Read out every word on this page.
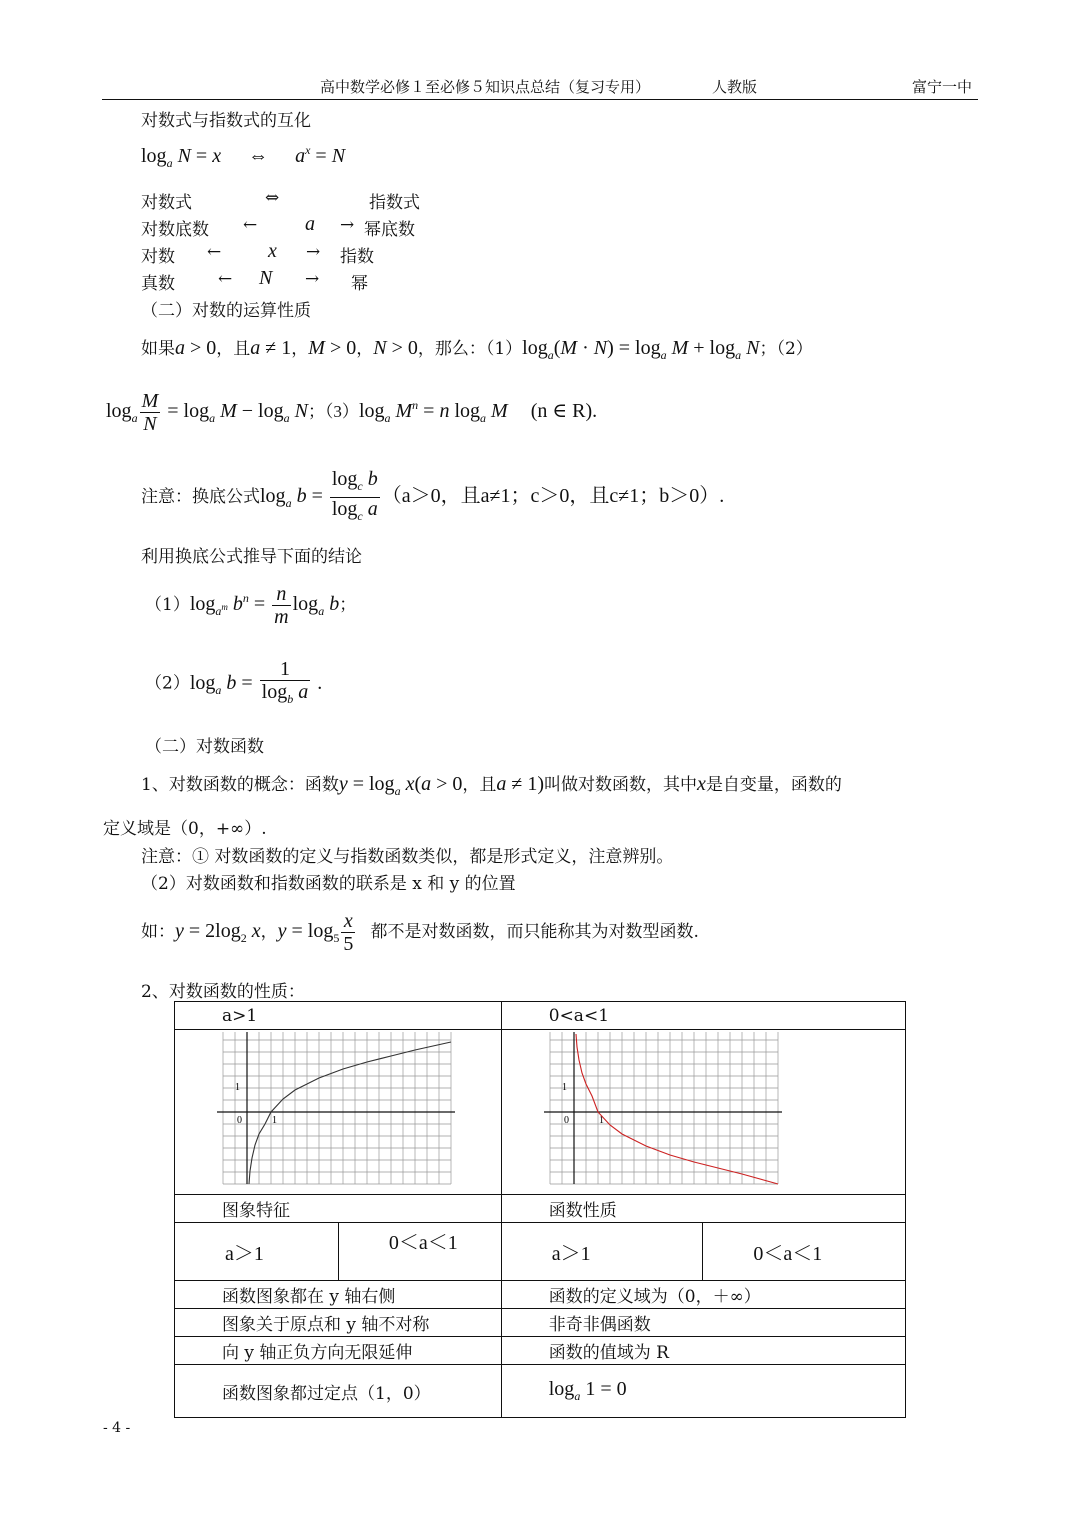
高中数学必修１至必修５知识点总结（复习专用）	人教版	富宁一中
对数式与指数式的互化
$\log_a N = x$ ⇔ $a^x = N$
对数式	⇔	指数式
对数底数 ← a → 幂底数
对数 ← x → 指数
真数	← N → 幂
（二）对数的运算性质
如果a > 0，且a ≠ 1，M > 0，N > 0，那么：$(1)\log_a(M \cdot N) = \log_a M + \log_a N$；（2）
$\log_a \frac{M}{N} = \log_a M - \log_a N$；$(3)\log_a$ $M^n = n$ $\log_a M$ (n ∈ R).
注意：换底公式$\log_a b = \frac{\log_c b}{\log_c a} (a>0$，且a≠1；c＞0，且c≠1；b＞0）.
利用换底公式推导下面的结论
$(1)\log_{a^m}$ $b^n = \frac{n}{m} \log_a b$；
$(2)\log_a$ $b = \frac{1}{\log_b a}$ .
（二）对数函数
1、对数函数的概念：函数$y = \log_a x(a > 0$，且a ≠ 1)叫做对数函数，其中x是自变量，函数的
定义域是（0，+∞）.
注意：① 对数函数的定义与指数函数类似，都是形式定义，注意辨别。
（2）对数函数和指数函数的联系是 x 和 y 的位置
如：$y = 2\log_2$ x，$y = \log_5 \frac{x}{5}$ 都不是对数函数，而只能称其为对数型函数.
2、对数函数的性质：
a>1		0<a<1	

1
0 1		1
0 1	

图象特征		函数性质	
a＞1	0＜a＜1	a＞1	0＜a＜1
函数图象都在 y 轴右侧		函数的定义域为（0，＋∞）	
图象关于原点和 y 轴不对称		非奇非偶函数	
向 y 轴正负方向无限延伸		函数的值域为 R	
函数图象都过定点（1，0）		$\log_a 1 = 0$	
- 4 -
